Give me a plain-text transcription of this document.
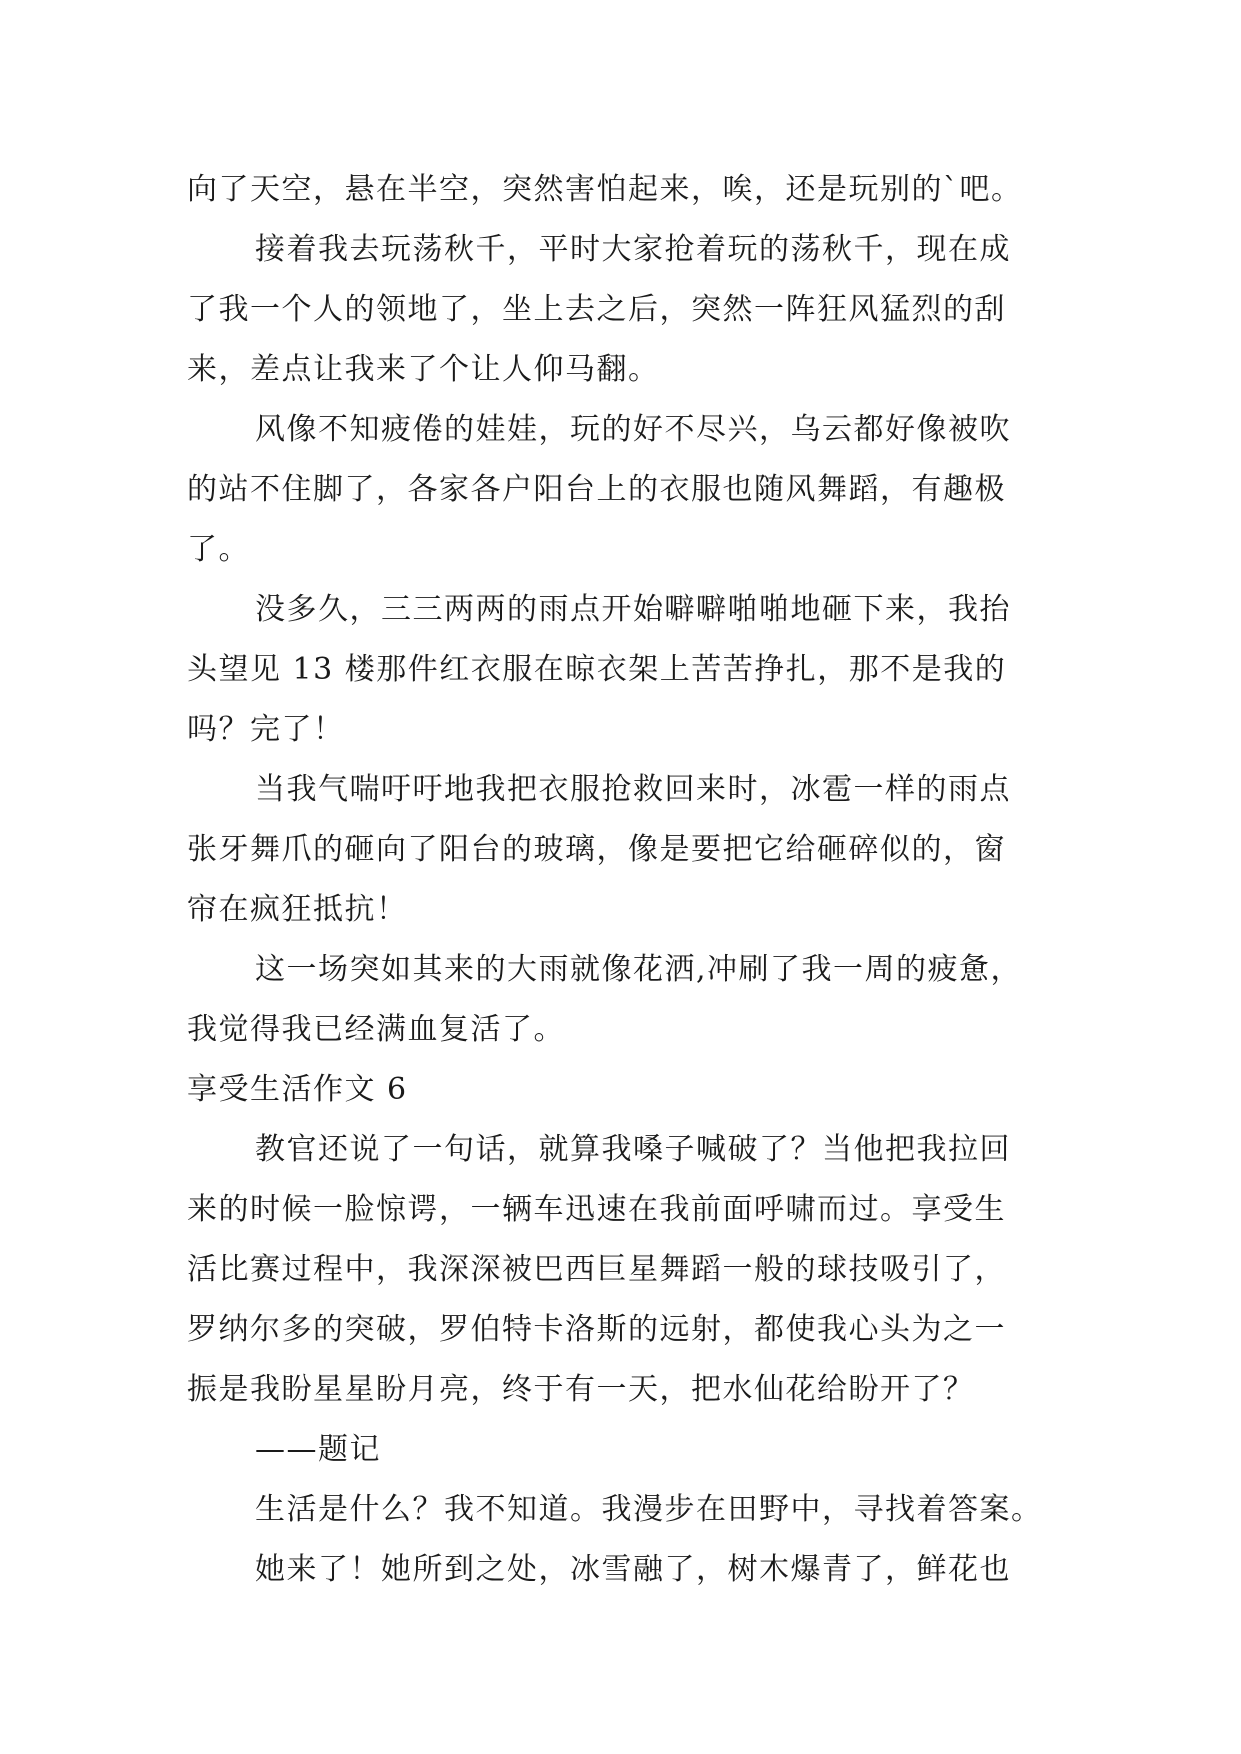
向了天空，悬在半空，突然害怕起来，唉，还是玩别的`吧。
接着我去玩荡秋千，平时大家抢着玩的荡秋千，现在成
了我一个人的领地了，坐上去之后，突然一阵狂风猛烈的刮
来，差点让我来了个让人仰马翻。
风像不知疲倦的娃娃，玩的好不尽兴，乌云都好像被吹
的站不住脚了，各家各户阳台上的衣服也随风舞蹈，有趣极
了。
没多久，三三两两的雨点开始噼噼啪啪地砸下来，我抬
头望见 13 楼那件红衣服在晾衣架上苦苦挣扎，那不是我的
吗？完了！
当我气喘吁吁地我把衣服抢救回来时，冰雹一样的雨点
张牙舞爪的砸向了阳台的玻璃，像是要把它给砸碎似的，窗
帘在疯狂抵抗！
这一场突如其来的大雨就像花洒,冲刷了我一周的疲惫，
我觉得我已经满血复活了。
享受生活作文 6
教官还说了一句话，就算我嗓子喊破了？当他把我拉回
来的时候一脸惊谔，一辆车迅速在我前面呼啸而过。享受生
活比赛过程中，我深深被巴西巨星舞蹈一般的球技吸引了，
罗纳尔多的突破，罗伯特卡洛斯的远射，都使我心头为之一
振是我盼星星盼月亮，终于有一天，把水仙花给盼开了？
——题记
生活是什么？我不知道。我漫步在田野中，寻找着答案。
她来了！她所到之处，冰雪融了，树木爆青了，鲜花也
